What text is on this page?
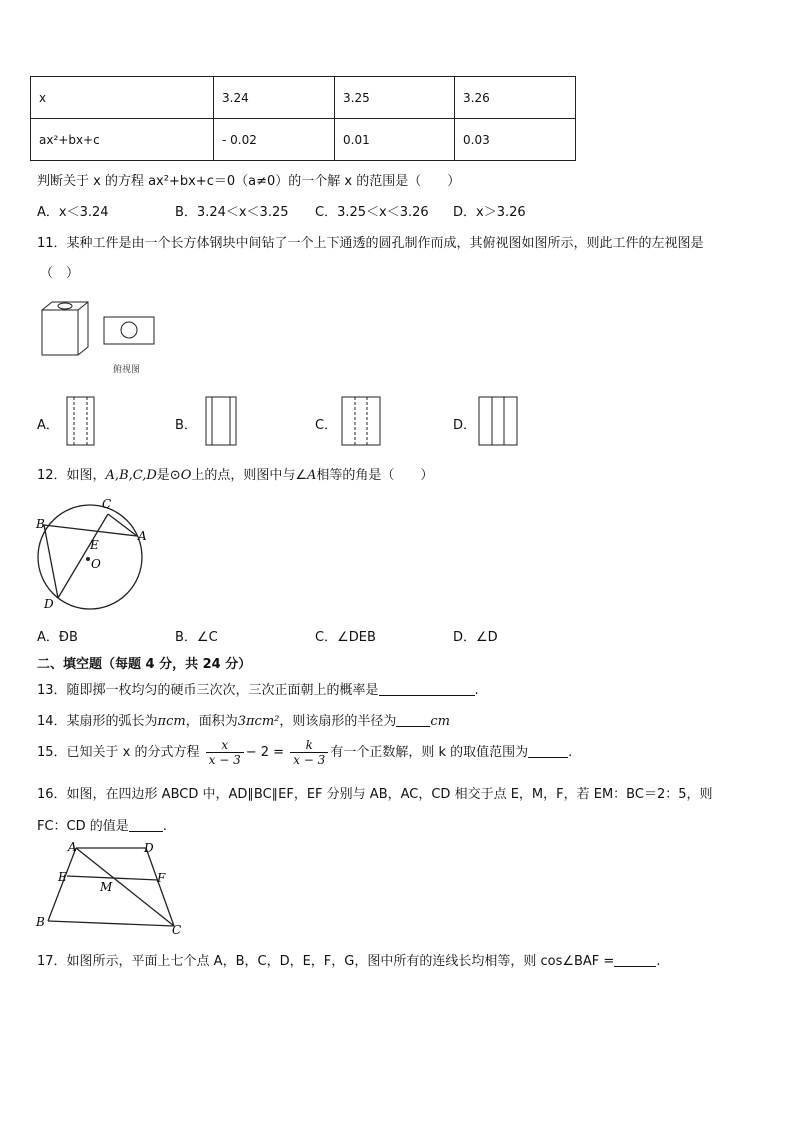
x	3.24	3.25	3.26
ax²+bx+c	- 0.02	0.01	0.03
判断关于 x 的方程 ax²+bx+c＝0（a≠0）的一个解 x 的范围是（　　）
A．x＜3.24	B．3.24＜x＜3.25 C．3.25＜x＜3.26 D．x＞3.26
11．某种工件是由一个长方体钢块中间钻了一个上下通透的圆孔制作而成，其俯视图如图所示，则此工件的左视图是
（　）
俯视图
A．	B．	C．	D．
12．如图，A,B,C,D是⊙O上的点，则图中与∠A相等的角是（　　）
B
C
A
E
O
D
A．ÐB	B．∠C	C．∠DEB	D．∠D
二、填空题（每题 4 分，共 24 分）
13．随即掷一枚均匀的硬币三次次，三次正面朝上的概率是	.
14．某扇形的弧长为πcm，面积为3πcm²，则该扇形的半径为	cm
15．已知关于 x 的分式方程 $\frac{x}{x - 3} - 2 = \frac{k}{x - 3}$ 有一个正数解，则 k 的取值范围为	.
16．如图，在四边形 ABCD 中，AD∥BC∥EF，EF 分别与 AB，AC，CD 相交于点 E，M，F，若 EM：BC＝2：5，则
FC：CD 的值是	.
A	D
E	F
M
B
C
17．如图所示，平面上七个点 A，B，C，D，E，F，G，图中所有的连线长均相等，则 cos∠BAF =	.
